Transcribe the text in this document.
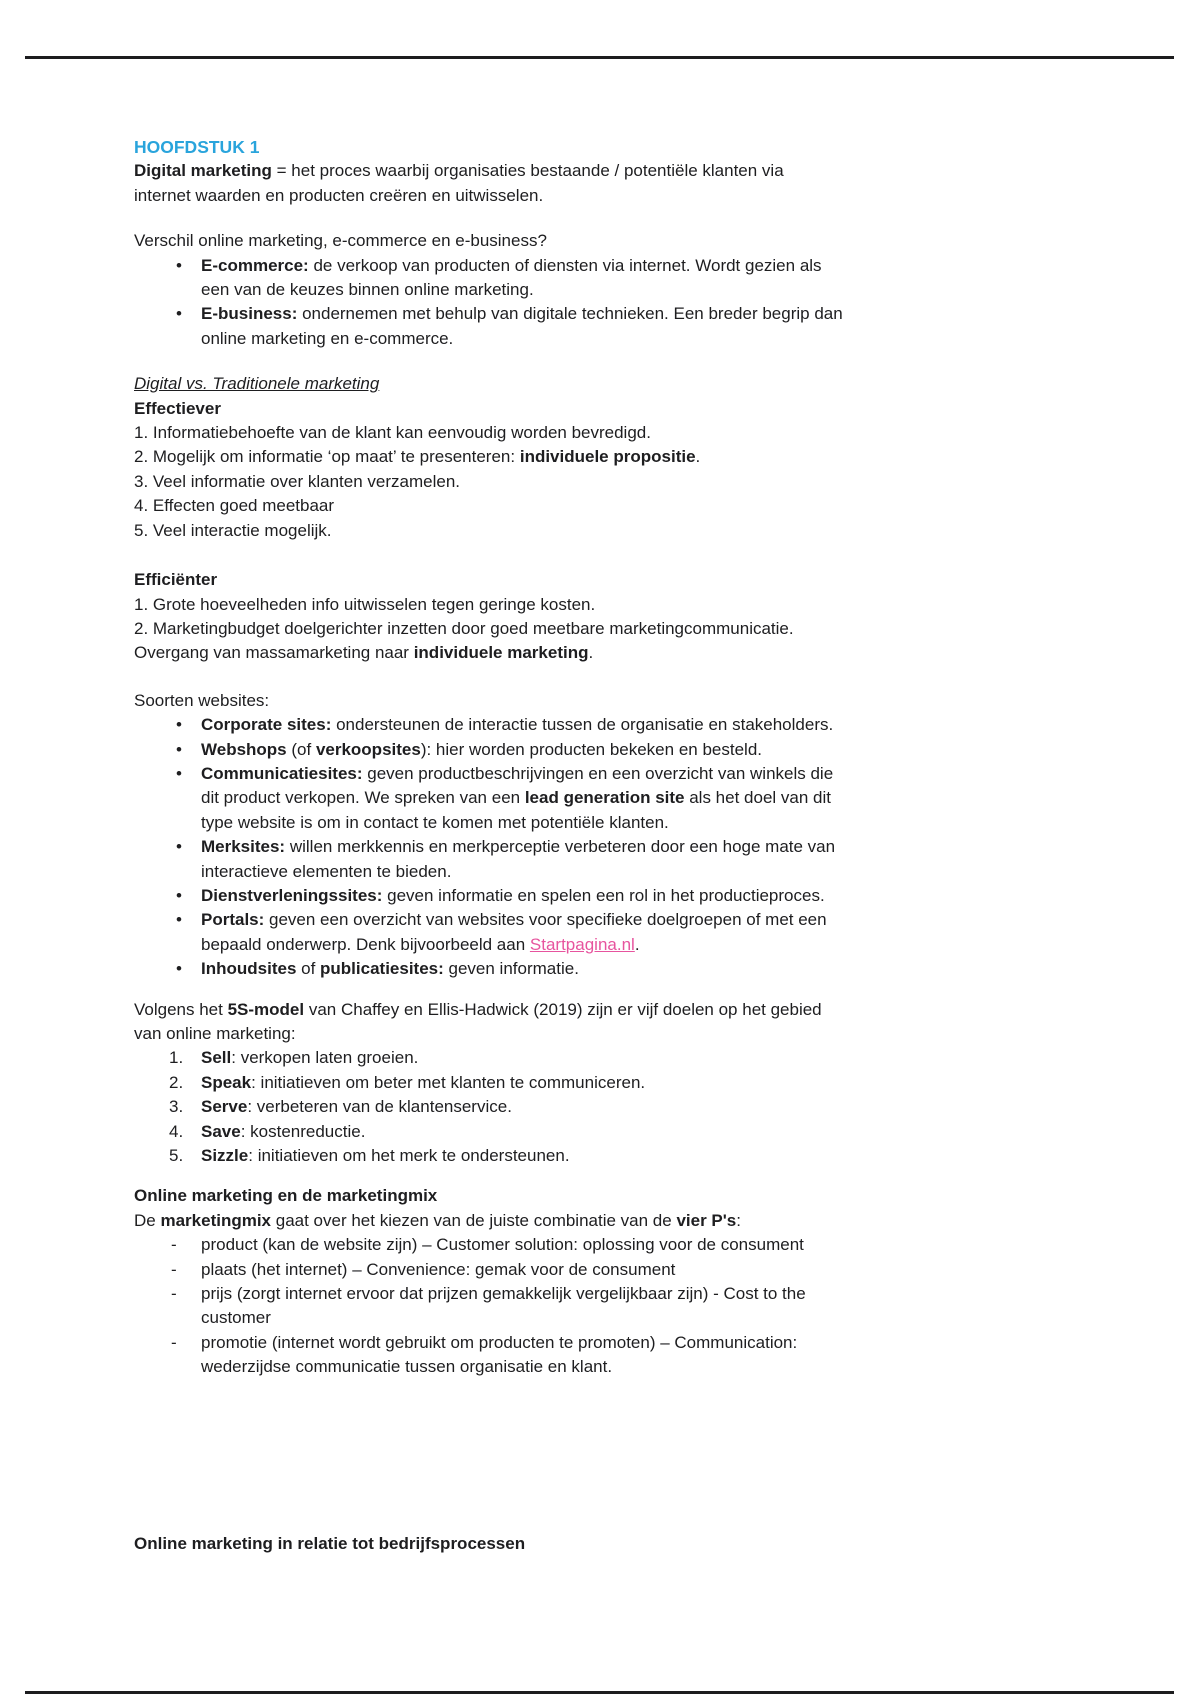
HOOFDSTUK 1
Digital marketing = het proces waarbij organisaties bestaande / potentiële klanten via
internet waarden en producten creëren en uitwisselen.
Verschil online marketing, e-commerce en e-business?
•	E-commerce: de verkoop van producten of diensten via internet. Wordt gezien als
een van de keuzes binnen online marketing.
•	E-business: ondernemen met behulp van digitale technieken. Een breder begrip dan
online marketing en e-commerce.
Digital vs. Traditionele marketing
Effectiever
1. Informatiebehoefte van de klant kan eenvoudig worden bevredigd.
2. Mogelijk om informatie ‘op maat’ te presenteren: individuele propositie.
3. Veel informatie over klanten verzamelen.
4. Effecten goed meetbaar
5. Veel interactie mogelijk.
Efficiënter
1. Grote hoeveelheden info uitwisselen tegen geringe kosten.
2. Marketingbudget doelgerichter inzetten door goed meetbare marketingcommunicatie.
Overgang van massamarketing naar individuele marketing.
Soorten websites:
•	Corporate sites: ondersteunen de interactie tussen de organisatie en stakeholders.
•	Webshops (of verkoopsites): hier worden producten bekeken en besteld.
•	Communicatiesites: geven productbeschrijvingen en een overzicht van winkels die
dit product verkopen. We spreken van een lead generation site als het doel van dit
type website is om in contact te komen met potentiële klanten.
•	Merksites: willen merkkennis en merkperceptie verbeteren door een hoge mate van
interactieve elementen te bieden.
•	Dienstverleningssites: geven informatie en spelen een rol in het productieproces.
•	Portals: geven een overzicht van websites voor specifieke doelgroepen of met een
bepaald onderwerp. Denk bijvoorbeeld aan Startpagina.nl.
•	Inhoudsites of publicatiesites: geven informatie.
Volgens het 5S-model van Chaffey en Ellis-Hadwick (2019) zijn er vijf doelen op het gebied
van online marketing:
1.	Sell: verkopen laten groeien.
2.	Speak: initiatieven om beter met klanten te communiceren.
3.	Serve: verbeteren van de klantenservice.
4.	Save: kostenreductie.
5.	Sizzle: initiatieven om het merk te ondersteunen.
Online marketing en de marketingmix
De marketingmix gaat over het kiezen van de juiste combinatie van de vier P's:
-	product (kan de website zijn) – Customer solution: oplossing voor de consument
-	plaats (het internet) – Convenience: gemak voor de consument
-	prijs (zorgt internet ervoor dat prijzen gemakkelijk vergelijkbaar zijn) - Cost to the
customer
-	promotie (internet wordt gebruikt om producten te promoten) – Communication:
wederzijdse communicatie tussen organisatie en klant.
Online marketing in relatie tot bedrijfsprocessen
